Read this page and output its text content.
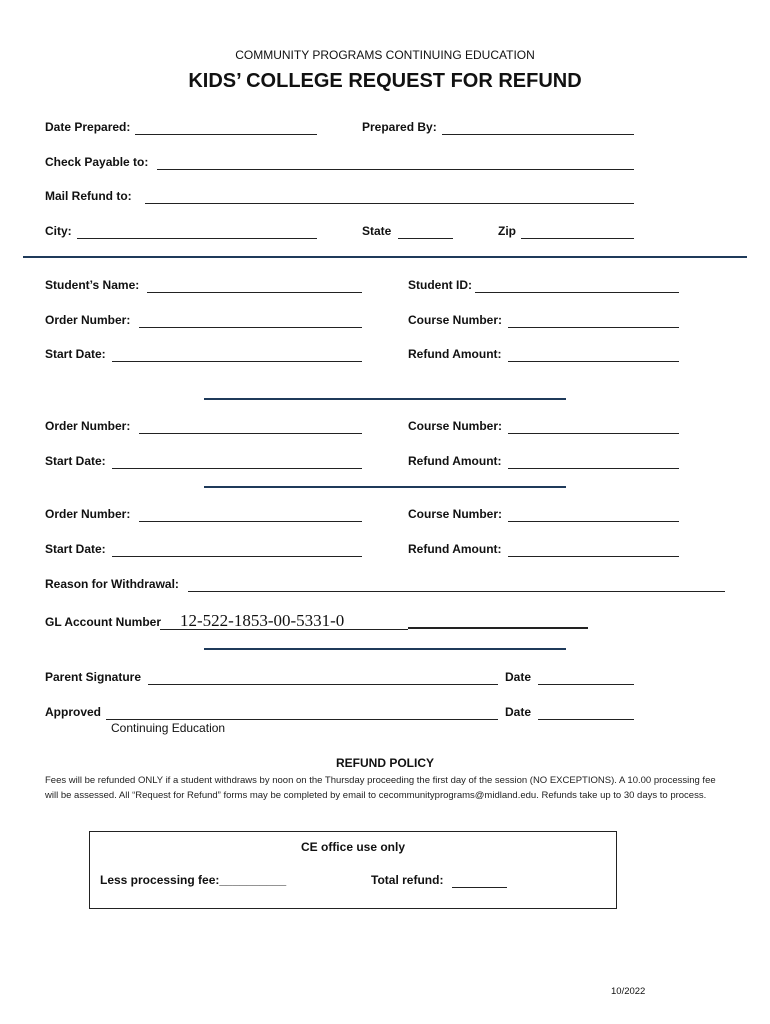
COMMUNITY PROGRAMS CONTINUING EDUCATION
KIDS’ COLLEGE REQUEST FOR REFUND
Date Prepared:	Prepared By:
Check Payable to:
Mail Refund to:
City:	State	Zip
Student’s Name:	Student ID:
Order Number:	Course Number:
Start Date:	Refund Amount:
Order Number:	Course Number:
Start Date:	Refund Amount:
Order Number:	Course Number:
Start Date:	Refund Amount:
Reason for Withdrawal:
GL Account Number 12-522-1853-00-5331-0
Parent Signature	Date
Approved	Date
Continuing Education
REFUND POLICY
Fees will be refunded ONLY if a student withdraws by noon on the Thursday proceeding the first day of the session (NO EXCEPTIONS). A 10.00 processing fee will be assessed. All “Request for Refund” forms may be completed by email to cecommunityprograms@midland.edu. Refunds take up to 30 days to process.
CE office use only
Less processing fee:__________	Total refund:
10/2022
